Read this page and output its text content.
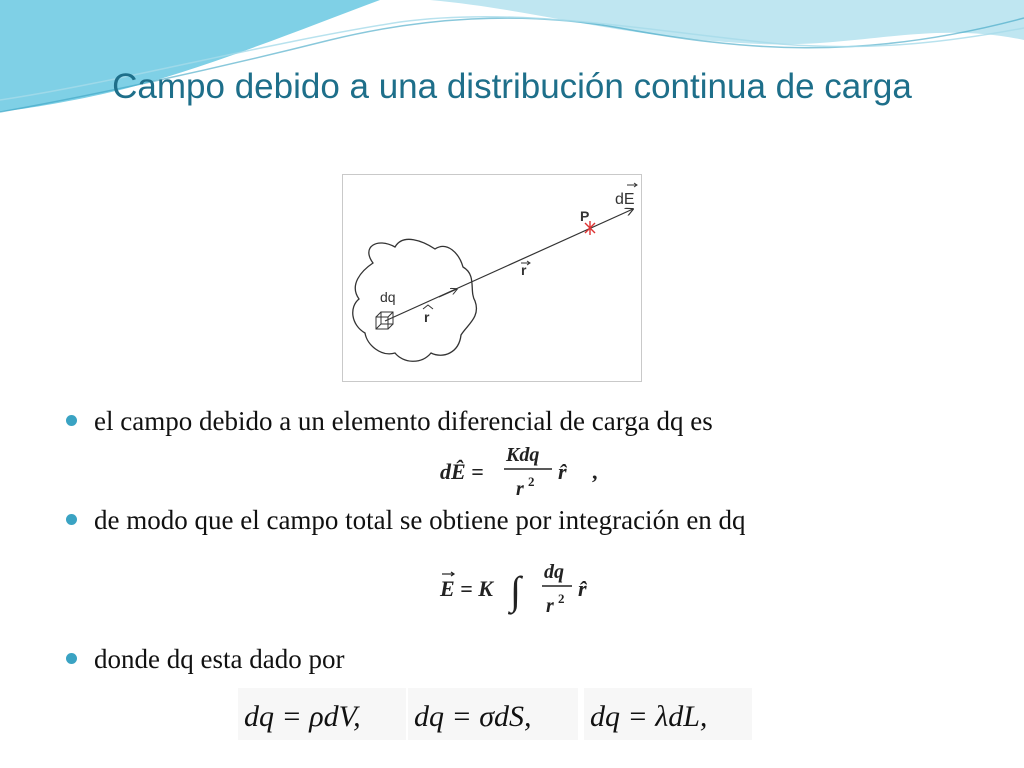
Campo debido a una distribución continua de carga
dq
r
r
P
dE
el campo debido a un elemento diferencial de carga dq es
dÊ =
Kdq
r 2 r̂ ,
de modo que el campo total se obtiene por integración en dq
E = K ∫ dq
r 2 r̂
donde dq esta dado por
dq = ρdV, dq = σdS, dq = λdL,
